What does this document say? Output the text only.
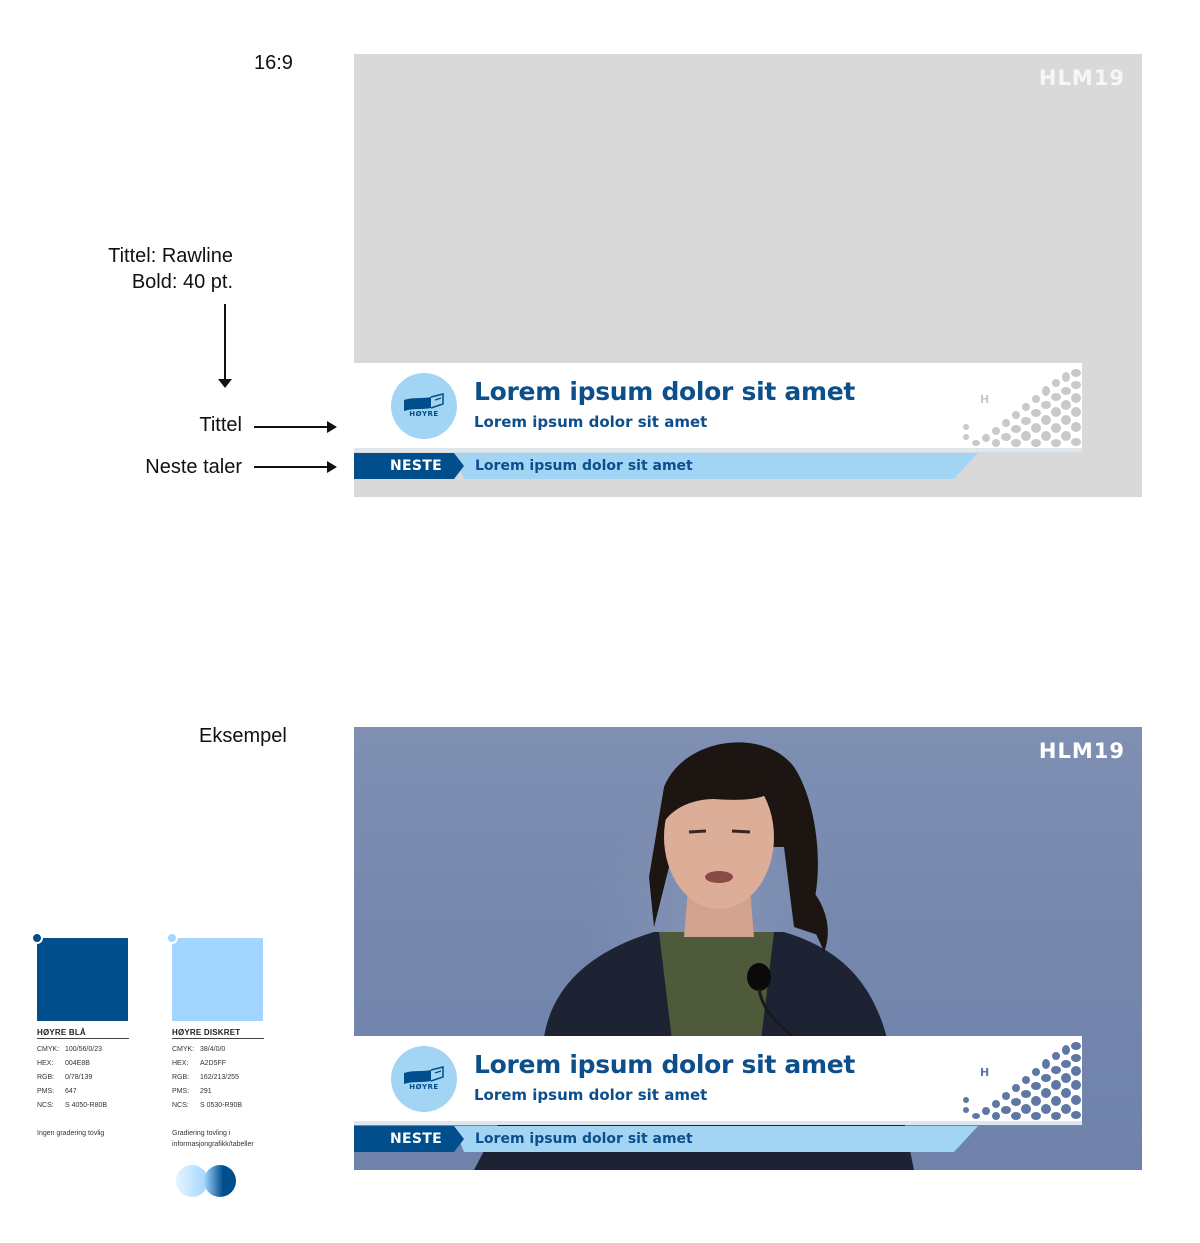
16:9
Tittel: Rawline
Bold: 40 pt.
Tittel
Neste taler
HLM19
HØYRE
Lorem ipsum dolor sit amet
Lorem ipsum dolor sit amet
H
NESTE Lorem ipsum dolor sit amet
Eksempel
HLM19
HØYRE
Lorem ipsum dolor sit amet
Lorem ipsum dolor sit amet
H
NESTE Lorem ipsum dolor sit amet
HØYRE BLÅ
CMYK: 100/56/0/23
HEX: 004E8B
RGB: 0/78/139
PMS: 647
NCS: S 4050-R80B
Ingen gradering tovlig
HØYRE DISKRET
CMYK: 38/4/0/0
HEX: A2D5FF
RGB: 162/213/255
PMS: 291
NCS: S 0530-R90B
Gradiering tovling i informasjongrafikk/tabeller
